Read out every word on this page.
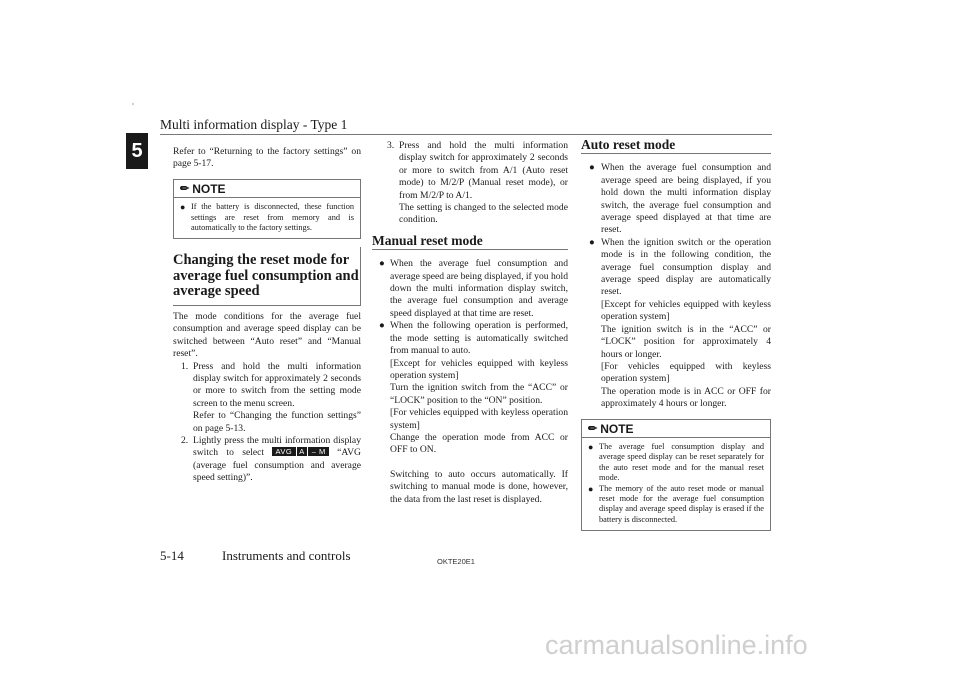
Multi information display - Type 1
5	Refer to “Returning to the factory settings” on page 5-17.

✏ NOTE
● If the battery is disconnected, these function settings are reset from memory and is automatically to the factory settings.
Changing the reset mode for average fuel consumption and average speed

The mode conditions for the average fuel consumption and average speed display can be switched between “Auto reset” and “Manual reset”.

1. Press and hold the multi information display switch for approximately 2 seconds or more to switch from the setting mode screen to the menu screen.
Refer to “Changing the function settings” on page 5-13.
2. Lightly press the multi information display switch to select AVG A – M “AVG (average fuel consumption and average speed setting)”.
3. Press and hold the multi information display switch for approximately 2 seconds or more to switch from A/1 (Auto reset mode) to M/2/P (Manual reset mode), or from M/2/P to A/1.
The setting is changed to the selected mode condition.
Manual reset mode
● When the average fuel consumption and average speed are being displayed, if you hold down the multi information display switch, the average fuel consumption and average speed displayed at that time are reset.
● When the following operation is performed, the mode setting is automatically switched from manual to auto.
[Except for vehicles equipped with keyless operation system]
Turn the ignition switch from the “ACC” or “LOCK” position to the “ON” position.
[For vehicles equipped with keyless operation system]
Change the operation mode from ACC or OFF to ON.
Switching to auto occurs automatically. If switching to manual mode is done, however, the data from the last reset is displayed.
Auto reset mode
● When the average fuel consumption and average speed are being displayed, if you hold down the multi information display switch, the average fuel consumption and average speed displayed at that time are reset.
● When the ignition switch or the operation mode is in the following condition, the average fuel consumption display and average speed display are automatically reset.
[Except for vehicles equipped with keyless operation system]
The ignition switch is in the “ACC” or “LOCK” position for approximately 4 hours or longer.
[For vehicles equipped with keyless operation system]
The operation mode is in ACC or OFF for approximately 4 hours or longer.
✏ NOTE
● The average fuel consumption display and average speed display can be reset separately for the auto reset mode and for the manual reset mode.
● The memory of the auto reset mode or manual reset mode for the average fuel consumption display and average speed display is erased if the battery is disconnected.
5-14	Instruments and controls	OKTE20E1
carmanualsonline.info
